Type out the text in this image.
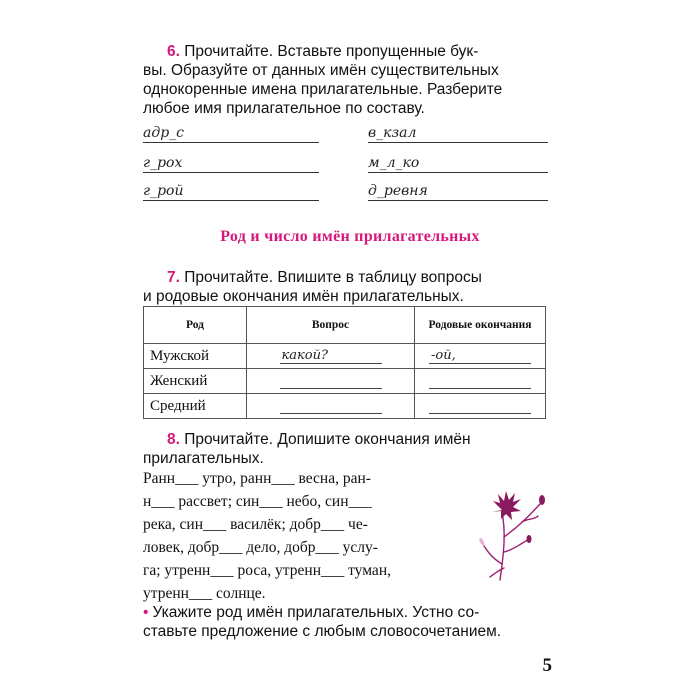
6. Прочитайте. Вставьте пропущенные бук-
вы. Образуйте от данных имён существительных
однокоренные имена прилагательные. Разберите
любое имя прилагательное по составу.
адр_с
г_рох
г_рой
в_кзал
м_л_ко
д_ревня
Род и число имён прилагательных
7. Прочитайте. Впишите в таблицу вопросы
и родовые окончания имён прилагательных.
Род	Вопрос	Родовые окончания
Мужской	какой?	-ой,

Женский	

Средний	

8. Прочитайте. Допишите окончания имён
прилагательных.
Ранн___ утро, ранн___ весна, ран-
н___ рассвет; син___ небо, син___
река, син___ василёк; добр___ че-
ловек, добр___ дело, добр___ услу-
га; утренн___ роса, утренн___ туман,
утренн___ солнце.
• Укажите род имён прилагательных. Устно со-
ставьте предложение с любым словосочетанием.
5
